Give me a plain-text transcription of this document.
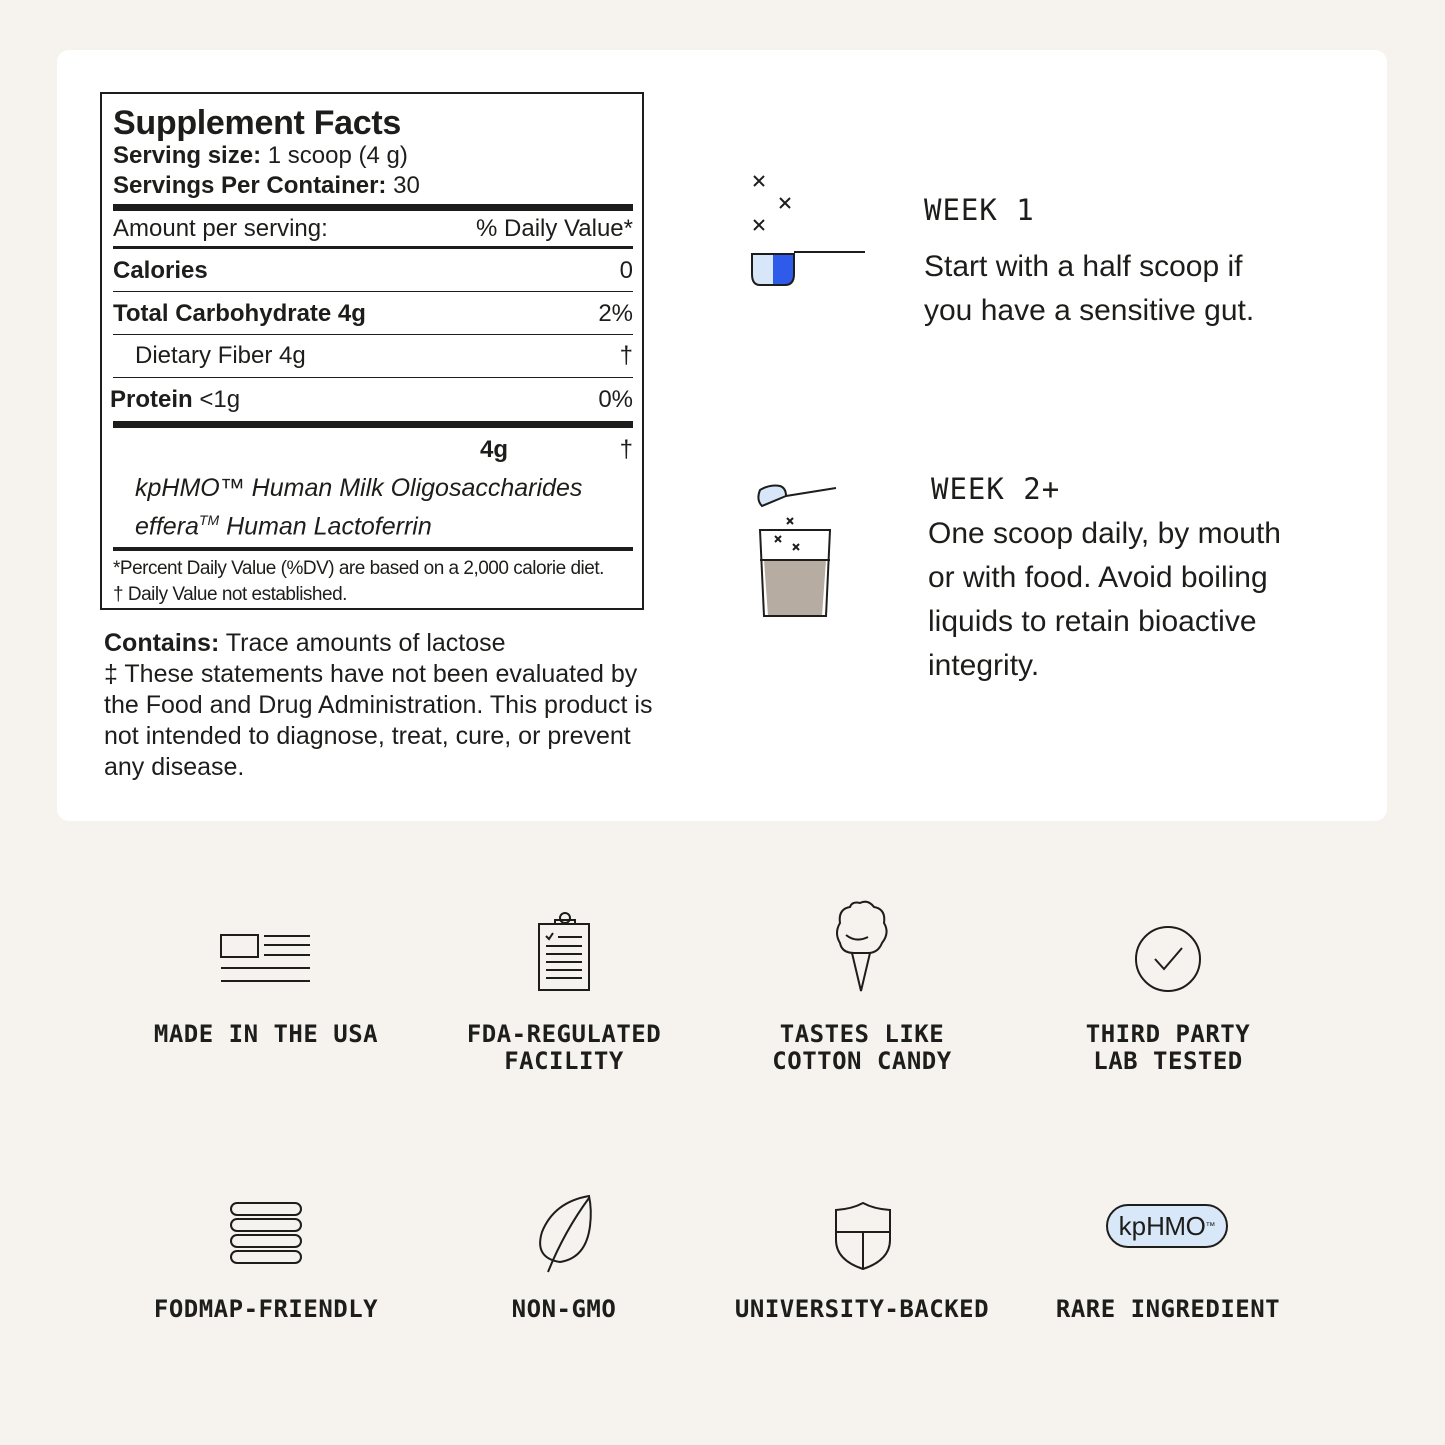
Supplement Facts
Serving size: 1 scoop (4 g)
Servings Per Container: 30
Amount per serving:	% Daily Value*
Calories	0
Total Carbohydrate 4g	2%
Dietary Fiber 4g	†
Protein <1g	0%
4g	†
kpHMO™ Human Milk Oligosaccharides
effera™ Human Lactoferrin
*Percent Daily Value (%DV) are based on a 2,000 calorie diet.
† Daily Value not established.
Contains: Trace amounts of lactose
‡ These statements have not been evaluated by the Food and Drug Administration. This product is not intended to diagnose, treat, cure, or prevent any disease.
WEEK 1
Start with a half scoop if
you have a sensitive gut.
WEEK 2+
One scoop daily, by mouth
or with food. Avoid boiling
liquids to retain bioactive
integrity.
MADE IN THE USA	FDA-REGULATED
FACILITY
TASTES LIKE
COTTON CANDY
THIRD PARTY
LAB TESTED
FODMAP-FRIENDLY	NON-GMO	UNIVERSITY-BACKED
kp HMO ™
RARE INGREDIENT
